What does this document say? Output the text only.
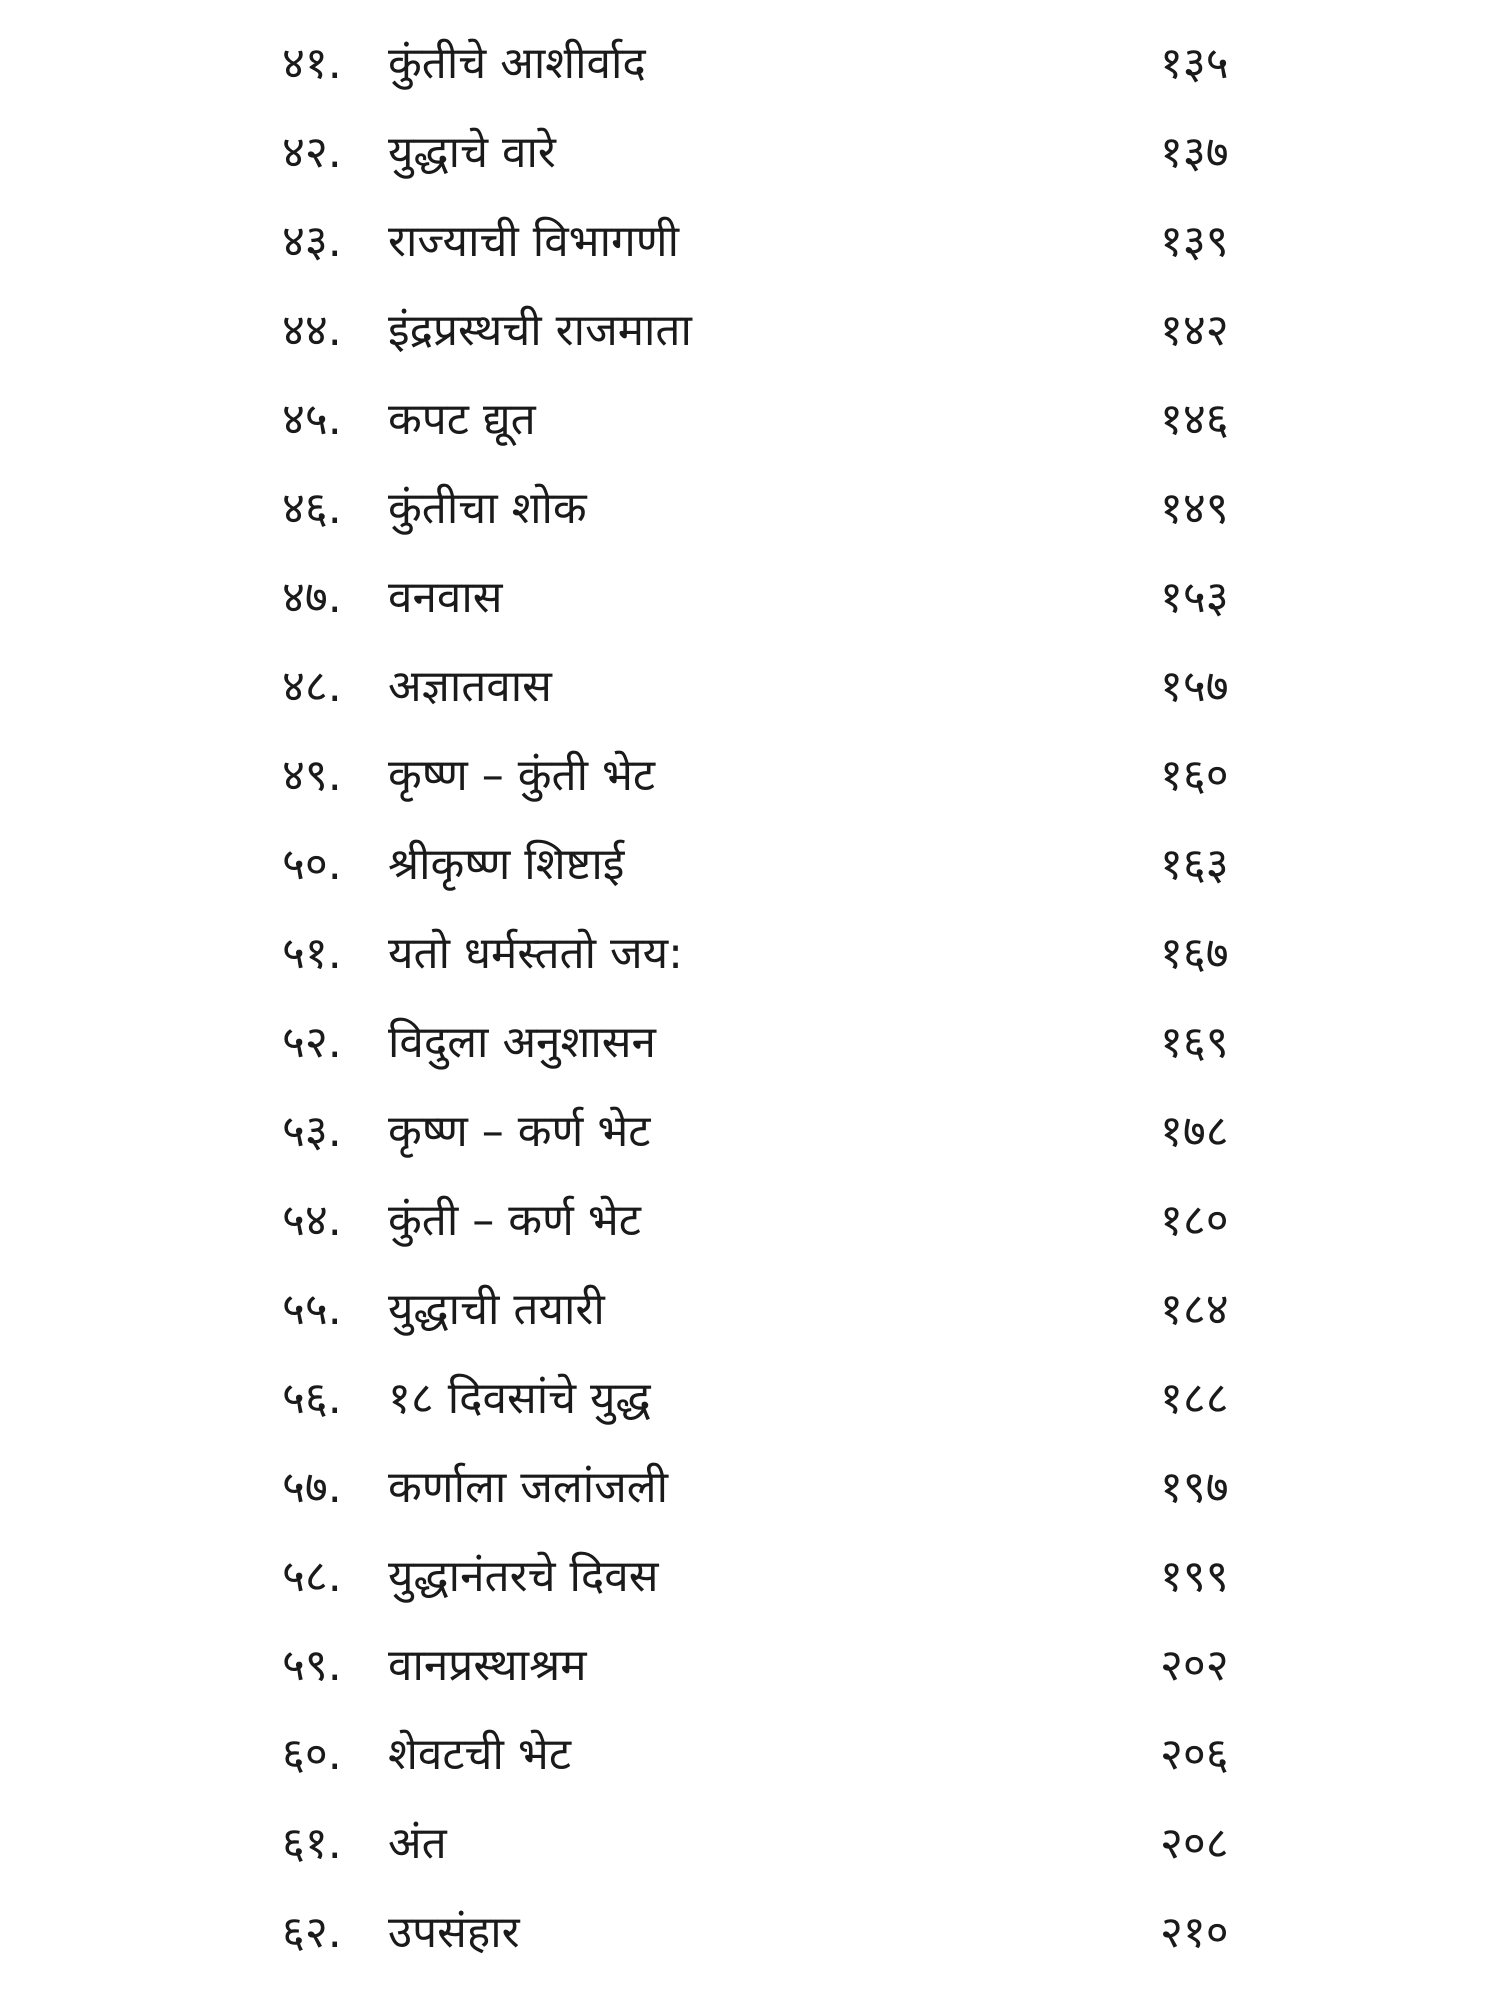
४१. कुंतीचे आशीर्वाद	१३५
४२. युद्धाचे वारे	१३७
४३. राज्याची विभागणी	१३९
४४. इंद्रप्रस्थची राजमाता	१४२
४५. कपट द्यूत	१४६
४६. कुंतीचा शोक	१४९
४७. वनवास	१५३
४८. अज्ञातवास	१५७
४९. कृष्ण – कुंती भेट	१६०
५०. श्रीकृष्ण शिष्टाई	१६३
५१. यतो धर्मस्ततो जय:	१६७
५२. विदुला अनुशासन	१६९
५३. कृष्ण – कर्ण भेट	१७८
५४. कुंती – कर्ण भेट	१८०
५५. युद्धाची तयारी	१८४
५६. १८ दिवसांचे युद्ध	१८८
५७. कर्णाला जलांजली	१९७
५८. युद्धानंतरचे दिवस	१९९
५९. वानप्रस्थाश्रम	२०२
६०. शेवटची भेट	२०६
६१. अंत	२०८
६२. उपसंहार	२१०
